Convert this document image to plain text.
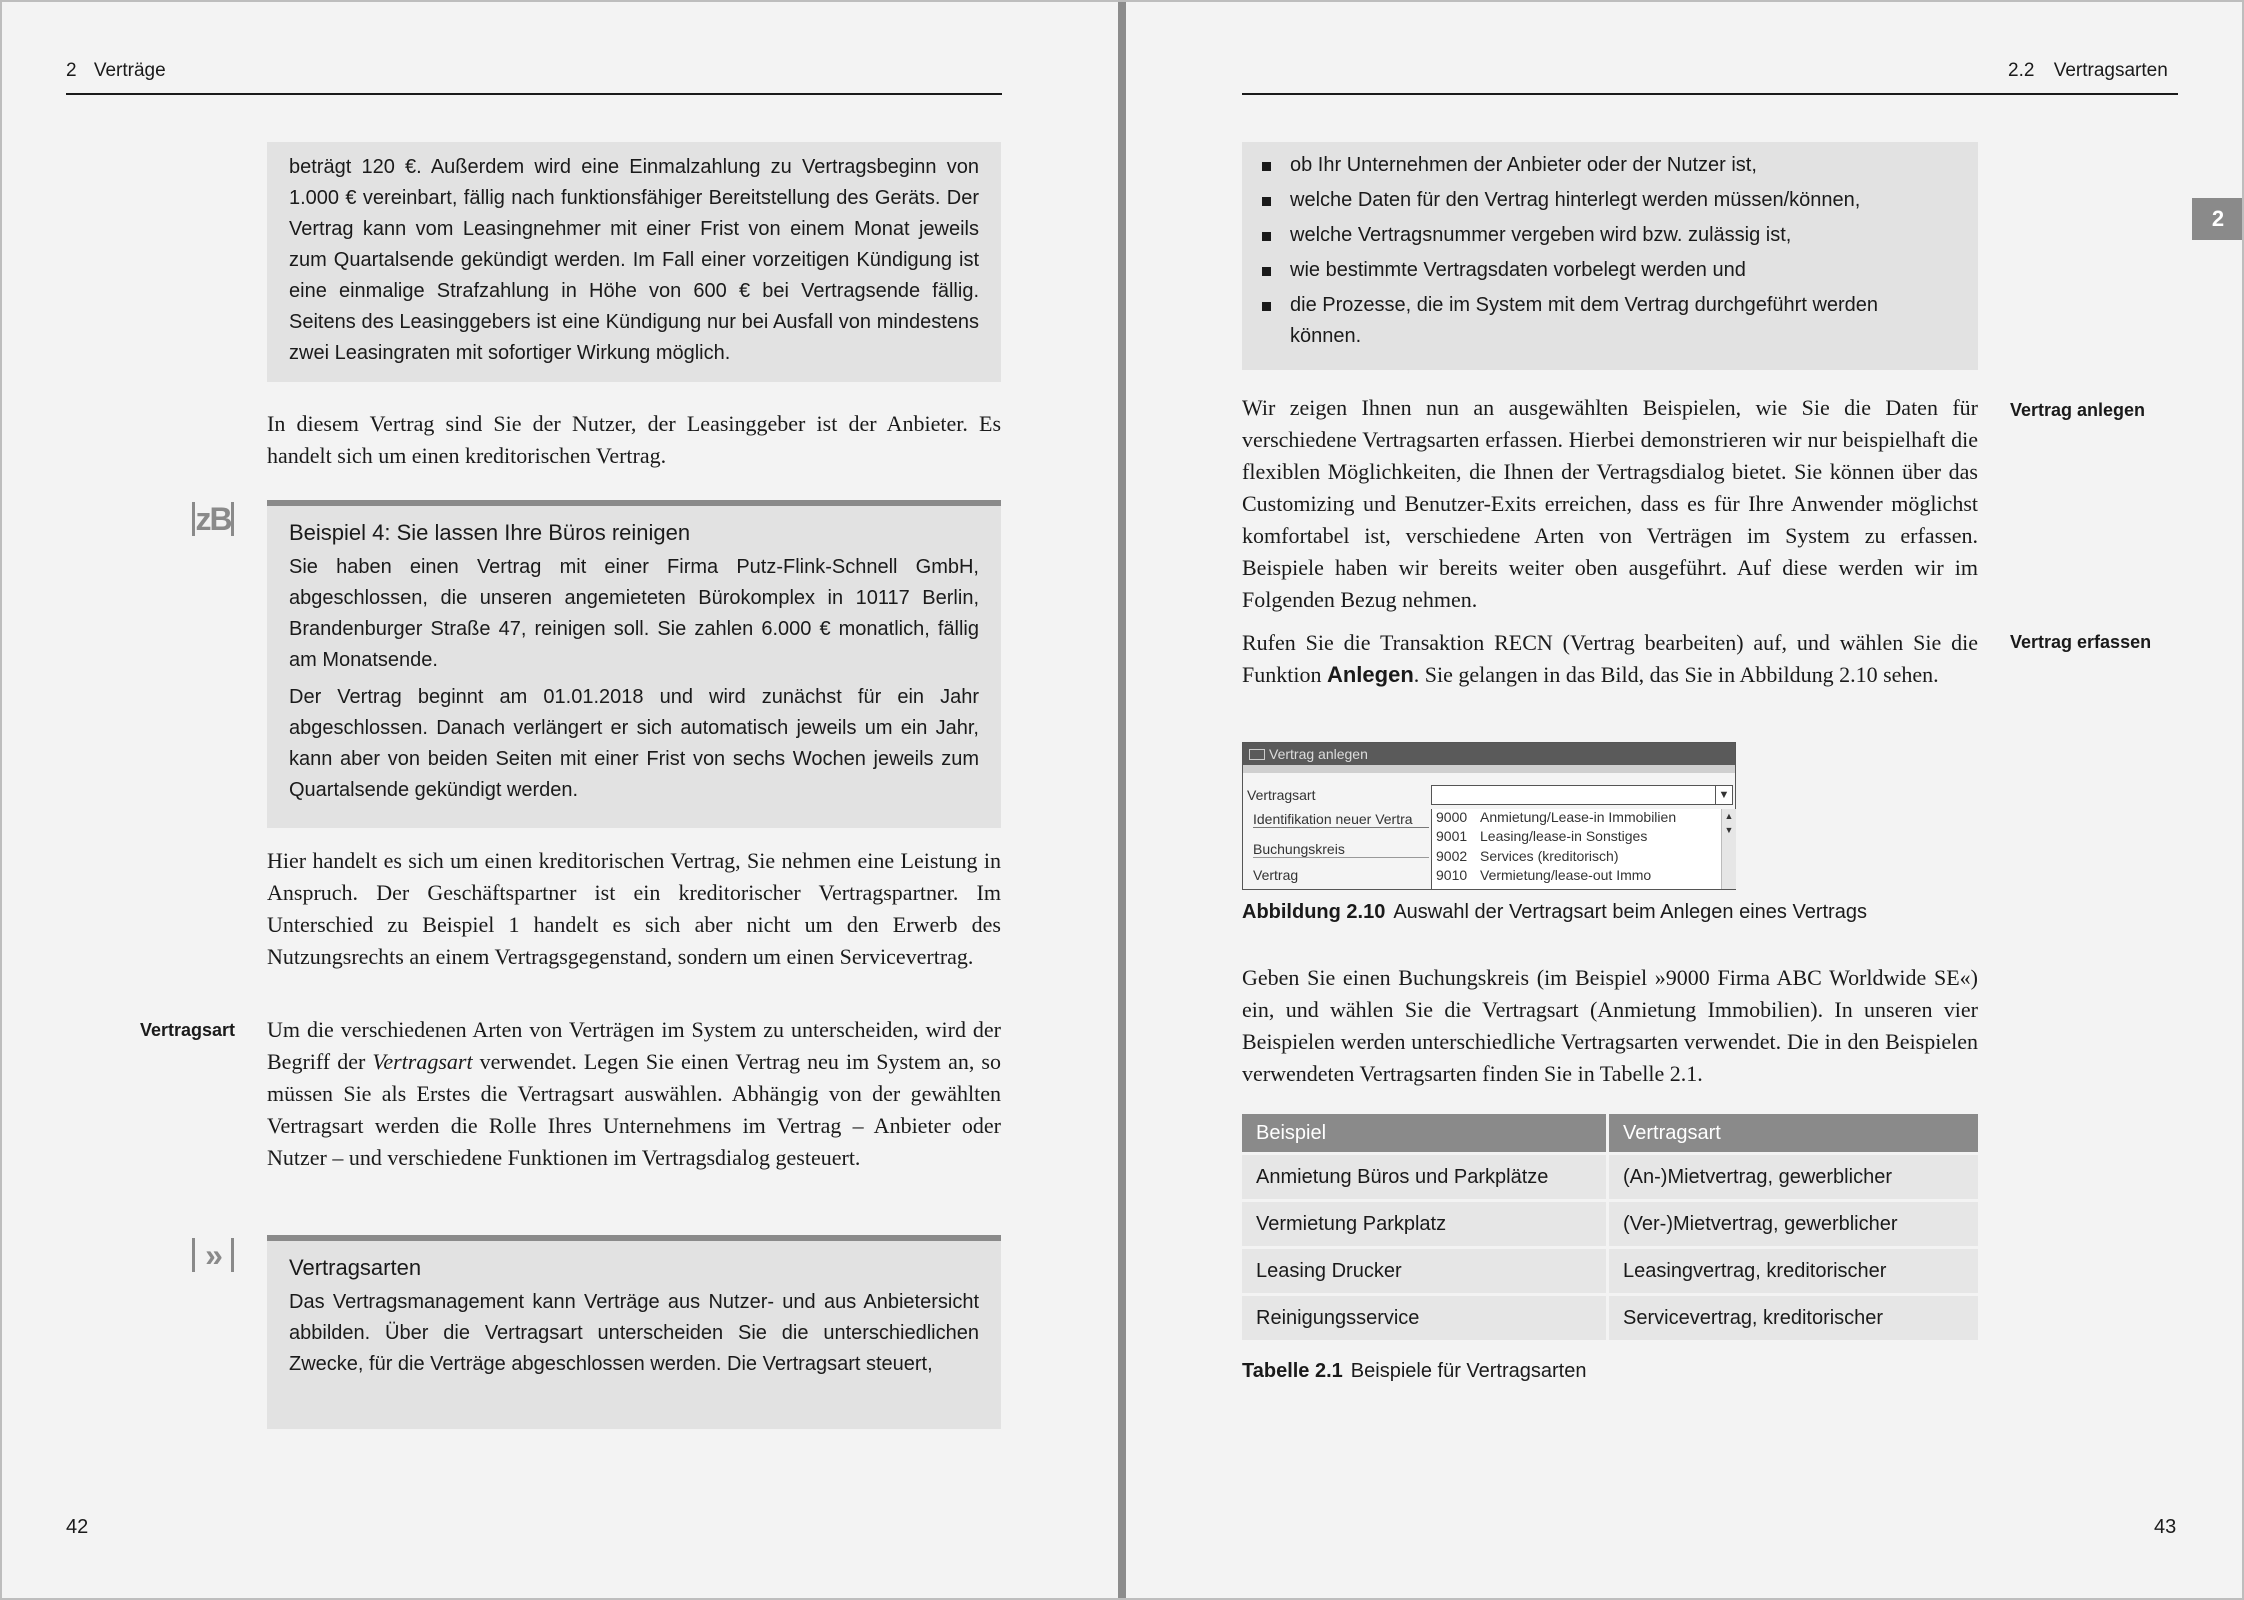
2 Verträge
beträgt 120 €. Außerdem wird eine Einmalzahlung zu Vertragsbeginn von 1.000 € vereinbart, fällig nach funktionsfähiger Bereitstellung des Geräts. Der Vertrag kann vom Leasingnehmer mit einer Frist von einem Monat jeweils zum Quartalsende gekündigt werden. Im Fall einer vorzeitigen Kündigung ist eine einmalige Strafzahlung in Höhe von 600 € bei Vertragsende fällig. Seitens des Leasinggebers ist eine Kündigung nur bei Ausfall von mindestens zwei Leasingraten mit sofortiger Wirkung möglich.
In diesem Vertrag sind Sie der Nutzer, der Leasinggeber ist der Anbieter. Es handelt sich um einen kreditorischen Vertrag.
zB	Beispiel 4: Sie lassen Ihre Büros reinigen
Sie haben einen Vertrag mit einer Firma Putz-Flink-Schnell GmbH, abgeschlossen, die unseren angemieteten Bürokomplex in 10117 Berlin, Brandenburger Straße 47, reinigen soll. Sie zahlen 6.000 € monatlich, fällig am Monatsende.
Der Vertrag beginnt am 01.01.2018 und wird zunächst für ein Jahr abgeschlossen. Danach verlängert er sich automatisch jeweils um ein Jahr, kann aber von beiden Seiten mit einer Frist von sechs Wochen jeweils zum Quartalsende gekündigt werden.
Hier handelt es sich um einen kreditorischen Vertrag, Sie nehmen eine Leistung in Anspruch. Der Geschäftspartner ist ein kreditorischer Vertragspartner. Im Unterschied zu Beispiel 1 handelt es sich aber nicht um den Erwerb des Nutzungsrechts an einem Vertragsgegenstand, sondern um einen Servicevertrag.
Vertragsart Um die verschiedenen Arten von Verträgen im System zu unterscheiden, wird der Begriff der Vertragsart verwendet. Legen Sie einen Vertrag neu im System an, so müssen Sie als Erstes die Vertragsart auswählen. Abhängig von der gewählten Vertragsart werden die Rolle Ihres Unternehmens im Vertrag – Anbieter oder Nutzer – und verschiedene Funktionen im Vertragsdialog gesteuert.
»	Vertragsarten
Das Vertragsmanagement kann Verträge aus Nutzer- und aus Anbietersicht abbilden. Über die Vertragsart unterscheiden Sie die unterschiedlichen Zwecke, für die Verträge abgeschlossen werden. Die Vertragsart steuert,
42
2.2 Vertragsarten
2
ob Ihr Unternehmen der Anbieter oder der Nutzer ist,
welche Daten für den Vertrag hinterlegt werden müssen/können,
welche Vertragsnummer vergeben wird bzw. zulässig ist,
wie bestimmte Vertragsdaten vorbelegt werden und
die Prozesse, die im System mit dem Vertrag durchgeführt werden können.
Wir zeigen Ihnen nun an ausgewählten Beispielen, wie Sie die Daten für verschiedene Vertragsarten erfassen. Hierbei demonstrieren wir nur beispielhaft die flexiblen Möglichkeiten, die Ihnen der Vertragsdialog bietet. Sie können über das Customizing und Benutzer-Exits erreichen, dass es für Ihre Anwender möglichst komfortabel ist, verschiedene Arten von Verträgen im System zu erfassen. Beispiele haben wir bereits weiter oben ausgeführt. Auf diese werden wir im Folgenden Bezug nehmen.
Vertrag anlegen
Rufen Sie die Transaktion RECN (Vertrag bearbeiten) auf, und wählen Sie die Funktion Anlegen. Sie gelangen in das Bild, das Sie in Abbildung 2.10 sehen.
Vertrag erfassen
Vertrag anlegen
Vertragsart	▼
Identifikation neuer Vertra
Buchungskreis
Vertrag
9000 Anmietung/Lease-in Immobilien
9001 Leasing/lease-in Sonstiges
9002 Services (kreditorisch)
9010 Vermietung/lease-out Immo
▲
▼
Abbildung 2.10 Auswahl der Vertragsart beim Anlegen eines Vertrags
Geben Sie einen Buchungskreis (im Beispiel »9000 Firma ABC Worldwide SE«) ein, und wählen Sie die Vertragsart (Anmietung Immobilien). In unseren vier Beispielen werden unterschiedliche Vertragsarten verwendet. Die in den Beispielen verwendeten Vertragsarten finden Sie in Tabelle 2.1.
Beispiel	Vertragsart
Anmietung Büros und Parkplätze	(An-)Mietvertrag, gewerblicher
Vermietung Parkplatz	(Ver-)Mietvertrag, gewerblicher
Leasing Drucker	Leasingvertrag, kreditorischer
Reinigungsservice	Servicevertrag, kreditorischer
Tabelle 2.1 Beispiele für Vertragsarten
43
